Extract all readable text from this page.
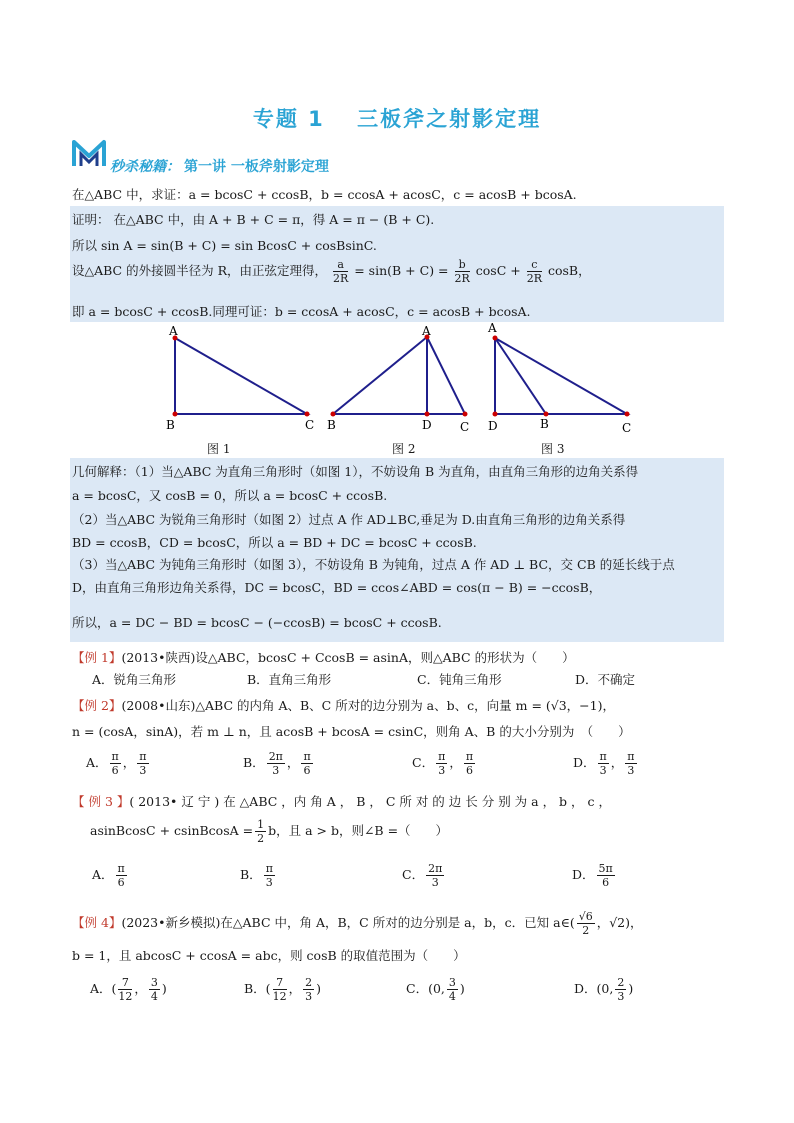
专题 1　 三板斧之射影定理
秒杀秘籍： 第一讲 一板斧射影定理
在△ABC 中，求证：a = bcosC + ccosB，b = ccosA + acosC，c = acosB + bcosA.
证明： 在△ABC 中，由 A + B + C = π，得 A = π − (B + C).
所以 sin A = sin(B + C) = sin BcosC + cosBsinC.
设△ABC 的外接圆半径为 R，由正弦定理得， $\frac{a}{2R} = \sin(B + C) = \frac{b}{2R}$ $\cos C + \frac{c}{2R}$ cosB，
即 a = bcosC + ccosB.同理可证：b = ccosA + acosC，c = acosB + bcosA.
A
B	C
图 1
A
B	D C
图 2
A
B
D	C
图 3
几何解释：（1）当△ABC 为直角三角形时（如图 1），不妨设角 B 为直角，由直角三角形的边角关系得
a = bcosC，又 cosB = 0，所以 a = bcosC + ccosB.
（2）当△ABC 为锐角三角形时（如图 2）过点 A 作 AD⊥BC,垂足为 D.由直角三角形的边角关系得
BD = ccosB，CD = bcosC，所以 a = BD + DC = bcosC + ccosB.
（3）当△ABC 为钝角三角形时（如图 3），不妨设角 B 为钝角，过点 A 作 AD ⊥ BC，交 CB 的延长线于点
D，由直角三角形边角关系得，DC = bcosC，BD = ccos∠ABD = cos(π − B) = −ccosB，
所以，a = DC − BD = bcosC − (−ccosB) = bcosC + ccosB.
【例 1】(2013•陕西)设△ABC，bcosC + CcosB = asinA，则△ABC 的形状为（　　）
A．锐角三角形	B．直角三角形	C．钝角三角形	D．不确定
【例 2】(2008•山东)△ABC 的内角 A、B、C 所对的边分别为 a、b、c，向量 m = (√3，−1)，
n = (cosA，sinA)，若 m ⊥ n，且 acosB + bcosA = csinC，则角 A、B 的大小分别为　（　　）
A． $\frac{\pi}{6}$ ， $\frac{\pi}{3}$	B． $\frac{2\pi}{3}$ ， $\frac{\pi}{6}$	C． $\frac{\pi}{3}$ ， $\frac{\pi}{6}$	D． $\frac{\pi}{3}$ ， $\frac{\pi}{3}$
【 例 3 】( 2013• 辽 宁 ) 在 △ABC ，内 角 A ， B ， C 所 对 的 边 长 分 别 为 a ， b ， c ，
asinBcosC + csinBcosA = $\frac{1}{2}$ b，且 a > b，则∠B =（　　）
A． $\frac{\pi}{6}$	B． $\frac{\pi}{3}$	C． $\frac{2\pi}{3}$	D． $\frac{5\pi}{6}$
【例 4】(2023•新乡模拟)在△ABC 中，角 A，B，C 所对的边分别是 a，b，c．已知 a∈( $\frac{√6}{2}$ ，√2)，
b = 1，且 abcosC + ccosA = abc，则 cosB 的取值范围为（　　）
A．( $\frac{7}{12}$ ， $\frac{3}{4}$ )	B．( $\frac{7}{12}$ ， $\frac{2}{3}$ )	C．(0, $\frac{3}{4}$ )	D．(0, $\frac{2}{3}$ )
